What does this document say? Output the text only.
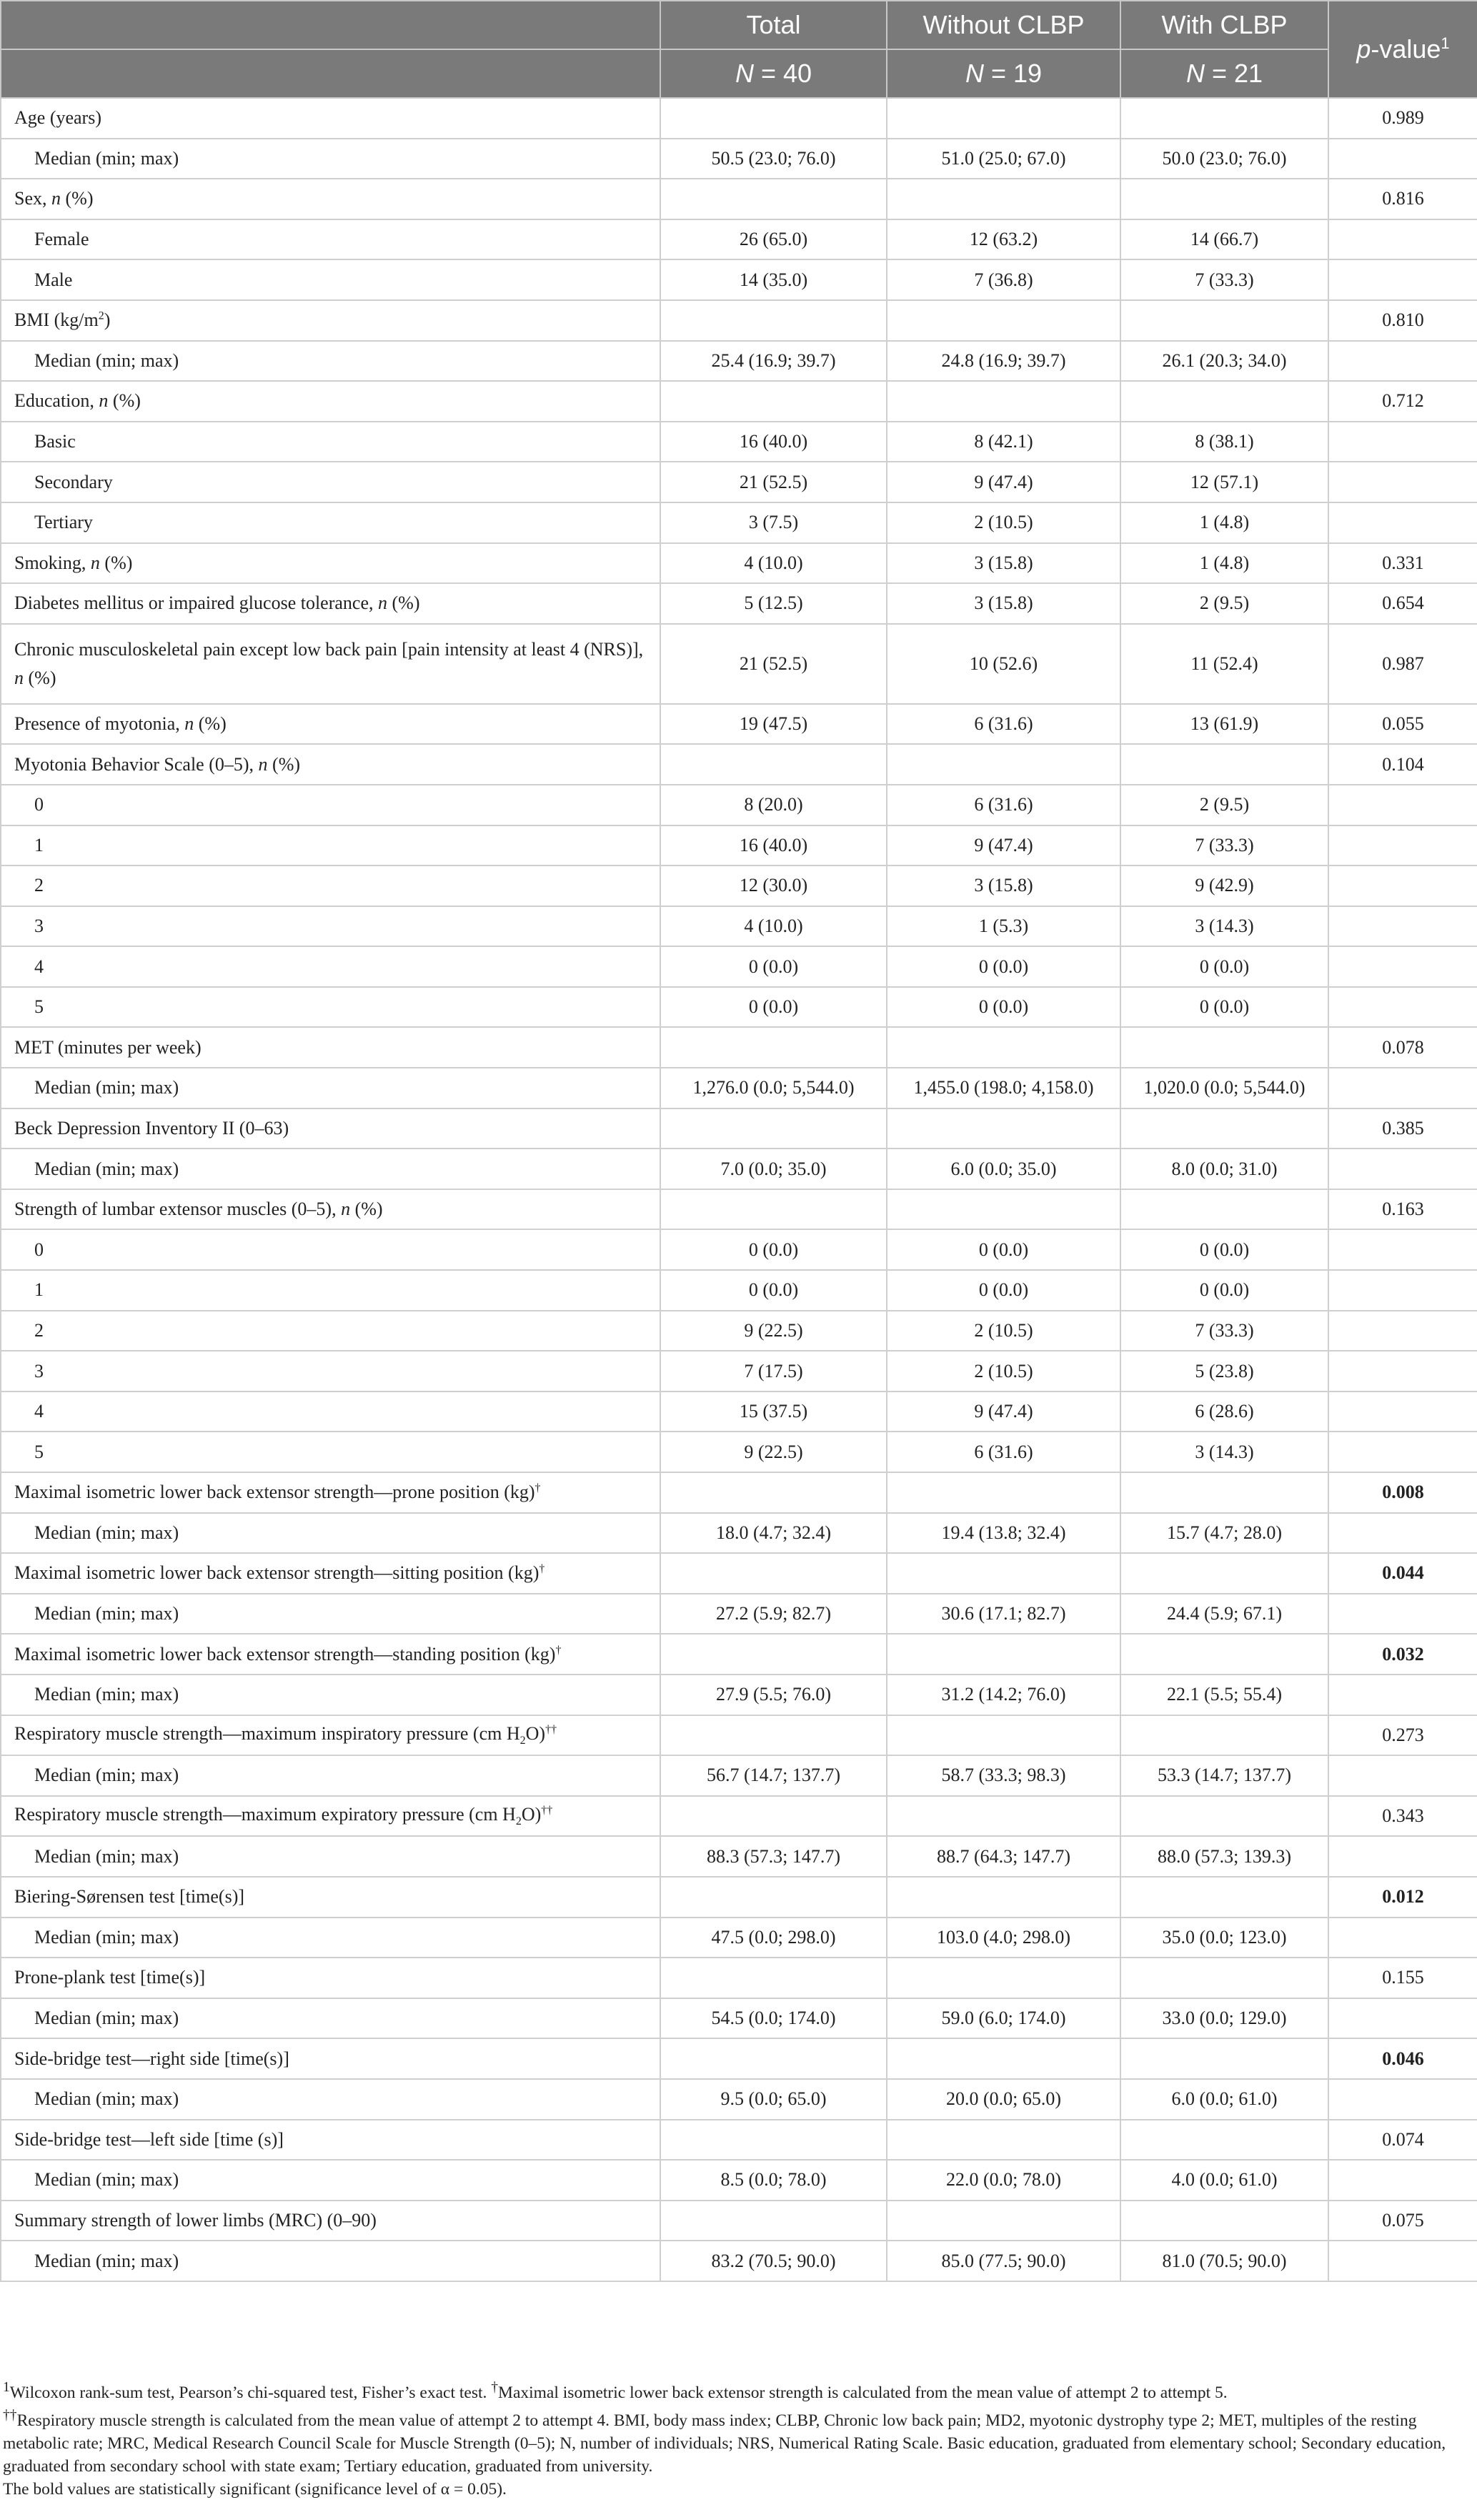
	Total	Without CLBP	With CLBP	p-value$^1$
	N = 40	N = 19	N = 21	
Age (years)				0.989
Median (min; max)	50.5 (23.0; 76.0)	51.0 (25.0; 67.0)	50.0 (23.0; 76.0)	
Sex, n (%)				0.816
Female	26 (65.0)	12 (63.2)	14 (66.7)	
Male	14 (35.0)	7 (36.8)	7 (33.3)	
BMI $(kg/m^2)$				0.810
Median (min; max)	25.4 (16.9; 39.7)	24.8 (16.9; 39.7)	26.1 (20.3; 34.0)	
Education, n (%)				0.712
Basic	16 (40.0)	8 (42.1)	8 (38.1)	
Secondary	21 (52.5)	9 (47.4)	12 (57.1)	
Tertiary	3 (7.5)	2 (10.5)	1 (4.8)	
Smoking, n (%)	4 (10.0)	3 (15.8)	1 (4.8)	0.331
Diabetes mellitus or impaired glucose tolerance, n (%)	5 (12.5)	3 (15.8)	2 (9.5)	0.654
Chronic musculoskeletal pain except low back pain [pain intensity at least 4 (NRS)], n (%)	21 (52.5)	10 (52.6)	11 (52.4)	0.987
Presence of myotonia, n (%)	19 (47.5)	6 (31.6)	13 (61.9)	0.055
Myotonia Behavior Scale (0–5), n (%)				0.104
0	8 (20.0)	6 (31.6)	2 (9.5)	
1	16 (40.0)	9 (47.4)	7 (33.3)	
2	12 (30.0)	3 (15.8)	9 (42.9)	
3	4 (10.0)	1 (5.3)	3 (14.3)	
4	0 (0.0)	0 (0.0)	0 (0.0)	
5	0 (0.0)	0 (0.0)	0 (0.0)	
MET (minutes per week)				0.078
Median (min; max)	1,276.0 (0.0; 5,544.0)	1,455.0 (198.0; 4,158.0)	1,020.0 (0.0; 5,544.0)	
Beck Depression Inventory II (0–63)				0.385
Median (min; max)	7.0 (0.0; 35.0)	6.0 (0.0; 35.0)	8.0 (0.0; 31.0)	
Strength of lumbar extensor muscles (0–5), n (%)				0.163
0	0 (0.0)	0 (0.0)	0 (0.0)	
1	0 (0.0)	0 (0.0)	0 (0.0)	
2	9 (22.5)	2 (10.5)	7 (33.3)	
3	7 (17.5)	2 (10.5)	5 (23.8)	
4	15 (37.5)	9 (47.4)	6 (28.6)	
5	9 (22.5)	6 (31.6)	3 (14.3)	
Maximal isometric lower back extensor strength—prone position (kg)†				0.008
Median (min; max)	18.0 (4.7; 32.4)	19.4 (13.8; 32.4)	15.7 (4.7; 28.0)	
Maximal isometric lower back extensor strength—sitting position (kg)†				0.044
Median (min; max)	27.2 (5.9; 82.7)	30.6 (17.1; 82.7)	24.4 (5.9; 67.1)	
Maximal isometric lower back extensor strength—standing position (kg)†				0.032
Median (min; max)	27.9 (5.5; 76.0)	31.2 (14.2; 76.0)	22.1 (5.5; 55.4)	
Respiratory muscle strength—maximum inspiratory pressure (cm $H_2O)^{\dagger\dagger}$				0.273
Median (min; max)	56.7 (14.7; 137.7)	58.7 (33.3; 98.3)	53.3 (14.7; 137.7)	
Respiratory muscle strength—maximum expiratory pressure (cm $H_2O)^{\dagger\dagger}$				0.343
Median (min; max)	88.3 (57.3; 147.7)	88.7 (64.3; 147.7)	88.0 (57.3; 139.3)	
Biering-Sørensen test [time(s)]				0.012
Median (min; max)	47.5 (0.0; 298.0)	103.0 (4.0; 298.0)	35.0 (0.0; 123.0)	
Prone-plank test [time(s)]				0.155
Median (min; max)	54.5 (0.0; 174.0)	59.0 (6.0; 174.0)	33.0 (0.0; 129.0)	
Side-bridge test—right side [time(s)]				0.046
Median (min; max)	9.5 (0.0; 65.0)	20.0 (0.0; 65.0)	6.0 (0.0; 61.0)	
Side-bridge test—left side [time (s)]				0.074
Median (min; max)	8.5 (0.0; 78.0)	22.0 (0.0; 78.0)	4.0 (0.0; 61.0)	
Summary strength of lower limbs (MRC) (0–90)				0.075
Median (min; max)	83.2 (70.5; 90.0)	85.0 (77.5; 90.0)	81.0 (70.5; 90.0)	

$^1$Wilcoxon rank-sum test, Pearson’s chi-squared test, Fisher’s exact test. †Maximal isometric lower back extensor strength is calculated from the mean value of attempt 2 to attempt 5.

††Respiratory muscle strength is calculated from the mean value of attempt 2 to attempt 4. BMI, body mass index; CLBP, Chronic low back pain; MD2, myotonic dystrophy type 2; MET, multiples of the resting metabolic rate; MRC, Medical Research Council Scale for Muscle Strength (0–5); N, number of individuals; NRS, Numerical Rating Scale. Basic education, graduated from elementary school; Secondary education, graduated from secondary school with state exam; Tertiary education, graduated from university.

The bold values are statistically significant (significance level of α = 0.05).
